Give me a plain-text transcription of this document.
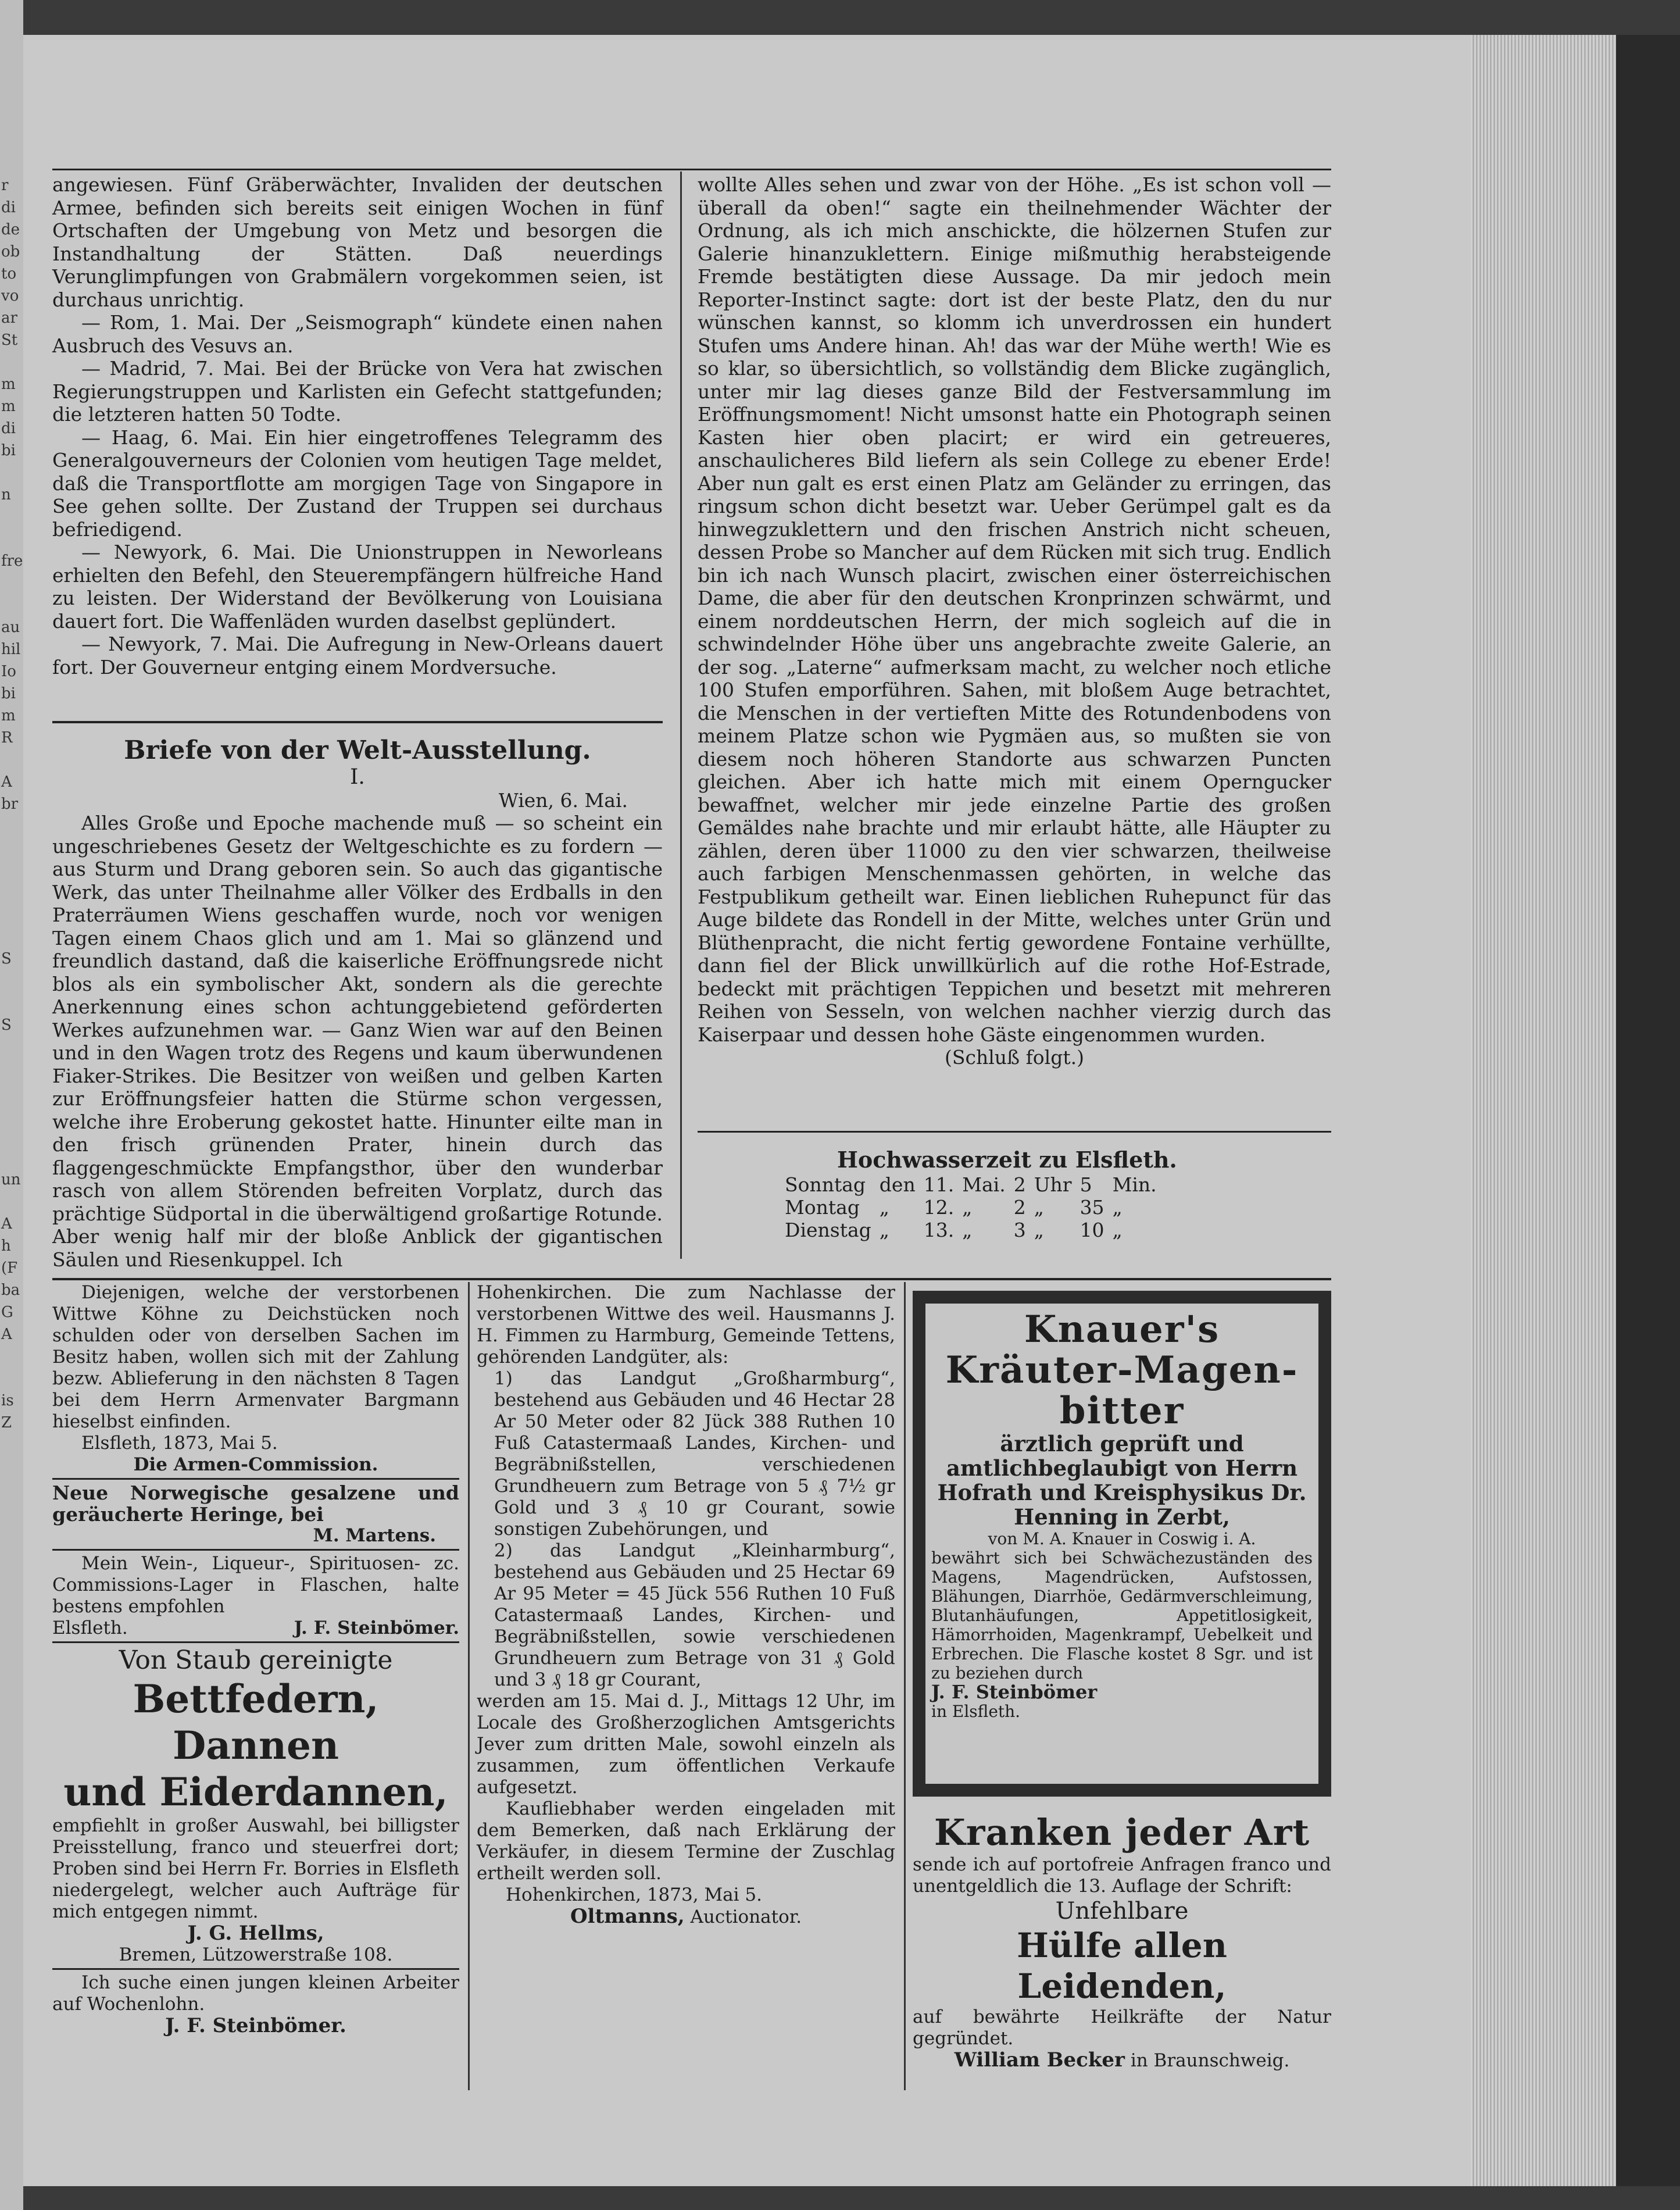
r
di
de
ob
to
vo
ar
St

m
m
di
bi

n

fre

au
hil
Io
bi
m
R

A
br

S

S

un

A
h
(F
ba
G
A

is
Z

angewiesen. Fünf Gräberwächter, Invaliden der deutschen Armee, befinden sich bereits seit einigen Wochen in fünf Ortschaften der Umgebung von Metz und besorgen die Instandhaltung der Stätten. Daß neuerdings Verunglimpfungen von Grabmälern vorgekommen seien, ist durchaus unrichtig.

— Rom, 1. Mai. Der „Seismograph“ kündete einen nahen Ausbruch des Vesuvs an.

— Madrid, 7. Mai. Bei der Brücke von Vera hat zwischen Regierungstruppen und Karlisten ein Gefecht stattgefunden; die letzteren hatten 50 Todte.

— Haag, 6. Mai. Ein hier eingetroffenes Telegramm des Generalgouverneurs der Colonien vom heutigen Tage meldet, daß die Transportflotte am morgigen Tage von Singapore in See gehen sollte. Der Zustand der Truppen sei durchaus befriedigend.

— Newyork, 6. Mai. Die Unionstruppen in Neworleans erhielten den Befehl, den Steuerempfängern hülfreiche Hand zu leisten. Der Widerstand der Bevölkerung von Louisiana dauert fort. Die Waffenläden wurden daselbst geplündert.

— Newyork, 7. Mai. Die Aufregung in New-Orleans dauert fort. Der Gouverneur entging einem Mordversuche.

Briefe von der Welt-Ausstellung.

I.

Wien, 6. Mai.

Alles Große und Epoche machende muß — so scheint ein ungeschriebenes Gesetz der Weltgeschichte es zu fordern — aus Sturm und Drang geboren sein. So auch das gigantische Werk, das unter Theilnahme aller Völker des Erdballs in den Praterräumen Wiens geschaffen wurde, noch vor wenigen Tagen einem Chaos glich und am 1. Mai so glänzend und freundlich dastand, daß die kaiserliche Eröffnungsrede nicht blos als ein symbolischer Akt, sondern als die gerechte Anerkennung eines schon achtunggebietend geförderten Werkes aufzunehmen war. — Ganz Wien war auf den Beinen und in den Wagen trotz des Regens und kaum überwundenen Fiaker-Strikes. Die Besitzer von weißen und gelben Karten zur Eröffnungsfeier hatten die Stürme schon vergessen, welche ihre Eroberung gekostet hatte. Hinunter eilte man in den frisch grünenden Prater, hinein durch das flaggengeschmückte Empfangsthor, über den wunderbar rasch von allem Störenden befreiten Vorplatz, durch das prächtige Südportal in die überwältigend großartige Rotunde. Aber wenig half mir der bloße Anblick der gigantischen Säulen und Riesenkuppel. Ich

wollte Alles sehen und zwar von der Höhe. „Es ist schon voll — überall da oben!“ sagte ein theilnehmender Wächter der Ordnung, als ich mich anschickte, die hölzernen Stufen zur Galerie hinanzuklettern. Einige mißmuthig herabsteigende Fremde bestätigten diese Aussage. Da mir jedoch mein Reporter-Instinct sagte: dort ist der beste Platz, den du nur wünschen kannst, so klomm ich unverdrossen ein hundert Stufen ums Andere hinan. Ah! das war der Mühe werth! Wie es so klar, so übersichtlich, so vollständig dem Blicke zugänglich, unter mir lag dieses ganze Bild der Festversammlung im Eröffnungsmoment! Nicht umsonst hatte ein Photograph seinen Kasten hier oben placirt; er wird ein getreueres, anschaulicheres Bild liefern als sein College zu ebener Erde! Aber nun galt es erst einen Platz am Geländer zu erringen, das ringsum schon dicht besetzt war. Ueber Gerümpel galt es da hinwegzuklettern und den frischen Anstrich nicht scheuen, dessen Probe so Mancher auf dem Rücken mit sich trug. Endlich bin ich nach Wunsch placirt, zwischen einer österreichischen Dame, die aber für den deutschen Kronprinzen schwärmt, und einem norddeutschen Herrn, der mich sogleich auf die in schwindelnder Höhe über uns angebrachte zweite Galerie, an der sog. „Laterne“ aufmerksam macht, zu welcher noch etliche 100 Stufen emporführen. Sahen, mit bloßem Auge betrachtet, die Menschen in der vertieften Mitte des Rotundenbodens von meinem Platze schon wie Pygmäen aus, so mußten sie von diesem noch höheren Standorte aus schwarzen Puncten gleichen. Aber ich hatte mich mit einem Operngucker bewaffnet, welcher mir jede einzelne Partie des großen Gemäldes nahe brachte und mir erlaubt hätte, alle Häupter zu zählen, deren über 11000 zu den vier schwarzen, theilweise auch farbigen Menschenmassen gehörten, in welche das Festpublikum getheilt war. Einen lieblichen Ruhepunct für das Auge bildete das Rondell in der Mitte, welches unter Grün und Blüthenpracht, die nicht fertig gewordene Fontaine verhüllte, dann fiel der Blick unwillkürlich auf die rothe Hof-Estrade, bedeckt mit prächtigen Teppichen und besetzt mit mehreren Reihen von Sesseln, von welchen nachher vierzig durch das Kaiserpaar und dessen hohe Gäste eingenommen wurden.

(Schluß folgt.)

Hochwasserzeit zu Elsfleth.
Sonntag	den	11.	Mai.	2	Uhr	5	Min.
Montag	„	12.	„	2	„	35	„
Dienstag	„	13.	„	3	„	10	„

Diejenigen, welche der verstorbenen Wittwe Köhne zu Deichstücken noch schulden oder von derselben Sachen im Besitz haben, wollen sich mit der Zahlung bezw. Ablieferung in den nächsten 8 Tagen bei dem Herrn Armenvater Bargmann hieselbst einfinden.

Elsfleth, 1873, Mai 5.

Die Armen-Commission.

Neue Norwegische gesalzene und geräucherte Heringe, bei

M. Martens.

Mein Wein-, Liqueur-, Spirituosen- zc. Commissions-Lager in Flaschen, halte bestens empfohlen

Elsfleth.	J. F. Steinbömer.

Von Staub gereinigte

Bettfedern, Dannen

und Eiderdannen,

empfiehlt in großer Auswahl, bei billigster Preisstellung, franco und steuerfrei dort; Proben sind bei Herrn Fr. Borries in Elsfleth niedergelegt, welcher auch Aufträge für mich entgegen nimmt.

J. G. Hellms,

Bremen, Lützowerstraße 108.

Ich suche einen jungen kleinen Arbeiter auf Wochenlohn.

J. F. Steinbömer.

Hohenkirchen. Die zum Nachlasse der verstorbenen Wittwe des weil. Hausmanns J. H. Fimmen zu Harmburg, Gemeinde Tettens, gehörenden Landgüter, als:

1) das Landgut „Großharmburg“, bestehend aus Gebäuden und 46 Hectar 28 Ar 50 Meter oder 82 Jück 388 Ruthen 10 Fuß Catastermaaß Landes, Kirchen- und Begräbnißstellen, verschiedenen Grundheuern zum Betrage von 5 ₰ 7½ gr Gold und 3 ₰ 10 gr Courant, sowie sonstigen Zubehörungen, und

2) das Landgut „Kleinharmburg“, bestehend aus Gebäuden und 25 Hectar 69 Ar 95 Meter = 45 Jück 556 Ruthen 10 Fuß Catastermaaß Landes, Kirchen- und Begräbnißstellen, sowie verschiedenen Grundheuern zum Betrage von 31 ₰ Gold und 3 ₰ 18 gr Courant,

werden am 15. Mai d. J., Mittags 12 Uhr, im Locale des Großherzoglichen Amtsgerichts Jever zum dritten Male, sowohl einzeln als zusammen, zum öffentlichen Verkaufe aufgesetzt.

Kaufliebhaber werden eingeladen mit dem Bemerken, daß nach Erklärung der Verkäufer, in diesem Termine der Zuschlag ertheilt werden soll.

Hohenkirchen, 1873, Mai 5.

Oltmanns, Auctionator.

Knauer's
Kräuter-Magen-
bitter
ärztlich geprüft und amtlichbeglaubigt von Herrn Hofrath und Kreisphysikus Dr. Henning in Zerbt,
von M. A. Knauer in Coswig i. A.
bewährt sich bei Schwächezuständen des Magens, Magendrücken, Aufstossen, Blähungen, Diarrhöe, Gedärmverschleimung, Blutanhäufungen, Appetitlosigkeit, Hämorrhoiden, Magenkrampf, Uebelkeit und Erbrechen. Die Flasche kostet 8 Sgr. und ist zu beziehen durch
J. F. Steinbömer
in Elsfleth.

Kranken jeder Art

sende ich auf portofreie Anfragen franco und unentgeldlich die 13. Auflage der Schrift:

Unfehlbare

Hülfe allen Leidenden,

auf bewährte Heilkräfte der Natur gegründet.

William Becker in Braunschweig.
